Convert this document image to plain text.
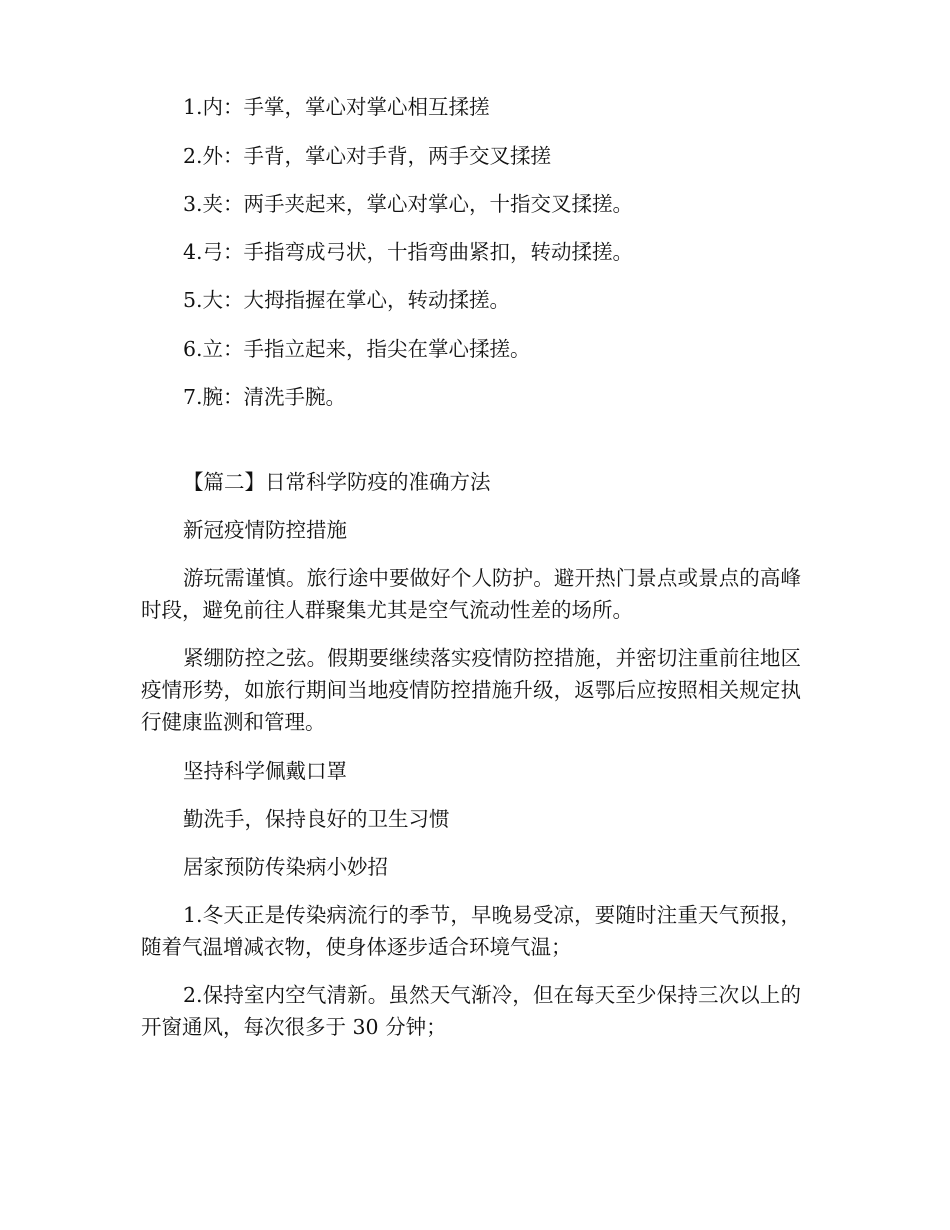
1.内：手掌，掌心对掌心相互揉搓
2.外：手背，掌心对手背，两手交叉揉搓
3.夹：两手夹起来，掌心对掌心，十指交叉揉搓。
4.弓：手指弯成弓状，十指弯曲紧扣，转动揉搓。
5.大：大拇指握在掌心，转动揉搓。
6.立：手指立起来，指尖在掌心揉搓。
7.腕：清洗手腕。
【篇二】日常科学防疫的准确方法
新冠疫情防控措施
游玩需谨慎。旅行途中要做好个人防护。避开热门景点或景点的高峰时段，避免前往人群聚集尤其是空气流动性差的场所。
紧绷防控之弦。假期要继续落实疫情防控措施，并密切注重前往地区疫情形势，如旅行期间当地疫情防控措施升级，返鄂后应按照相关规定执行健康监测和管理。
坚持科学佩戴口罩
勤洗手，保持良好的卫生习惯
居家预防传染病小妙招
1.冬天正是传染病流行的季节，早晚易受凉，要随时注重天气预报，随着气温增减衣物，使身体逐步适合环境气温；
2.保持室内空气清新。虽然天气渐冷，但在每天至少保持三次以上的开窗通风，每次很多于 30 分钟；
